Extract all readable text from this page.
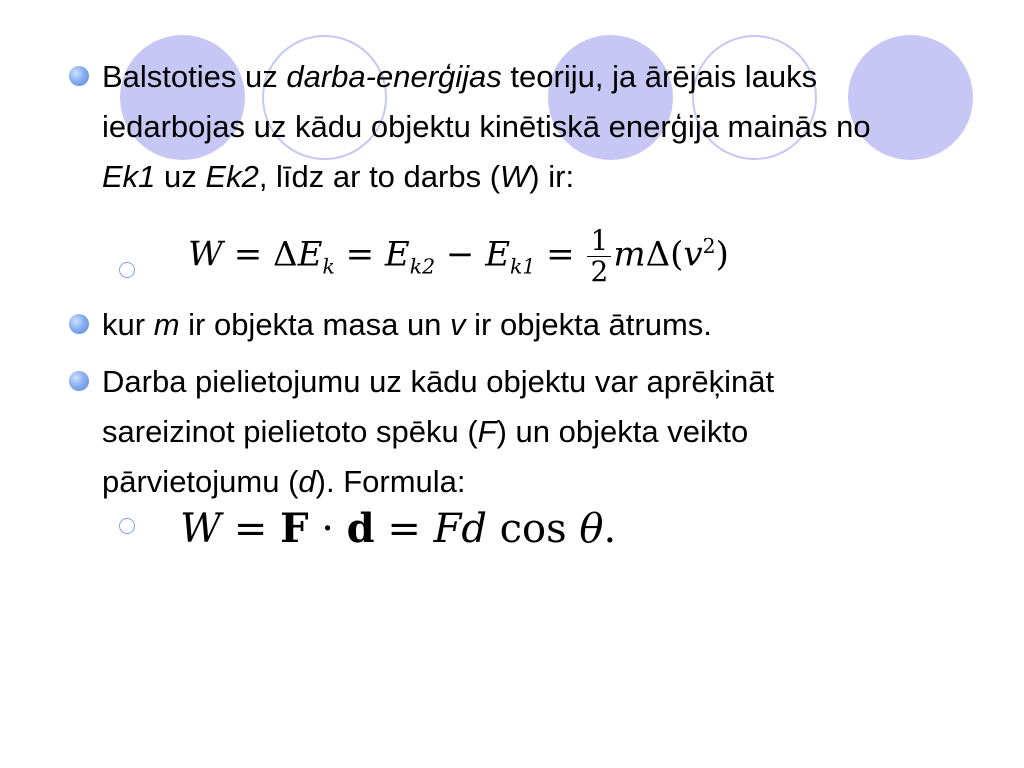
Balstoties uz darba-enerģijas teoriju, ja ārējais lauks iedarbojas uz kādu objektu kinētiskā enerģija mainās no Ek1 uz Ek2, līdz ar to darbs (W) ir:
$W = \Delta E_k = E_{k2} - E_{k1} = \frac{1}{2} m\Delta(v^2)$
kur m ir objekta masa un v ir objekta ātrums.
Darba pielietojumu uz kādu objektu var aprēķināt sareizinot pielietoto spēku (F) un objekta veikto pārvietojumu (d). Formula:
W = F · d = Fd cos θ.
